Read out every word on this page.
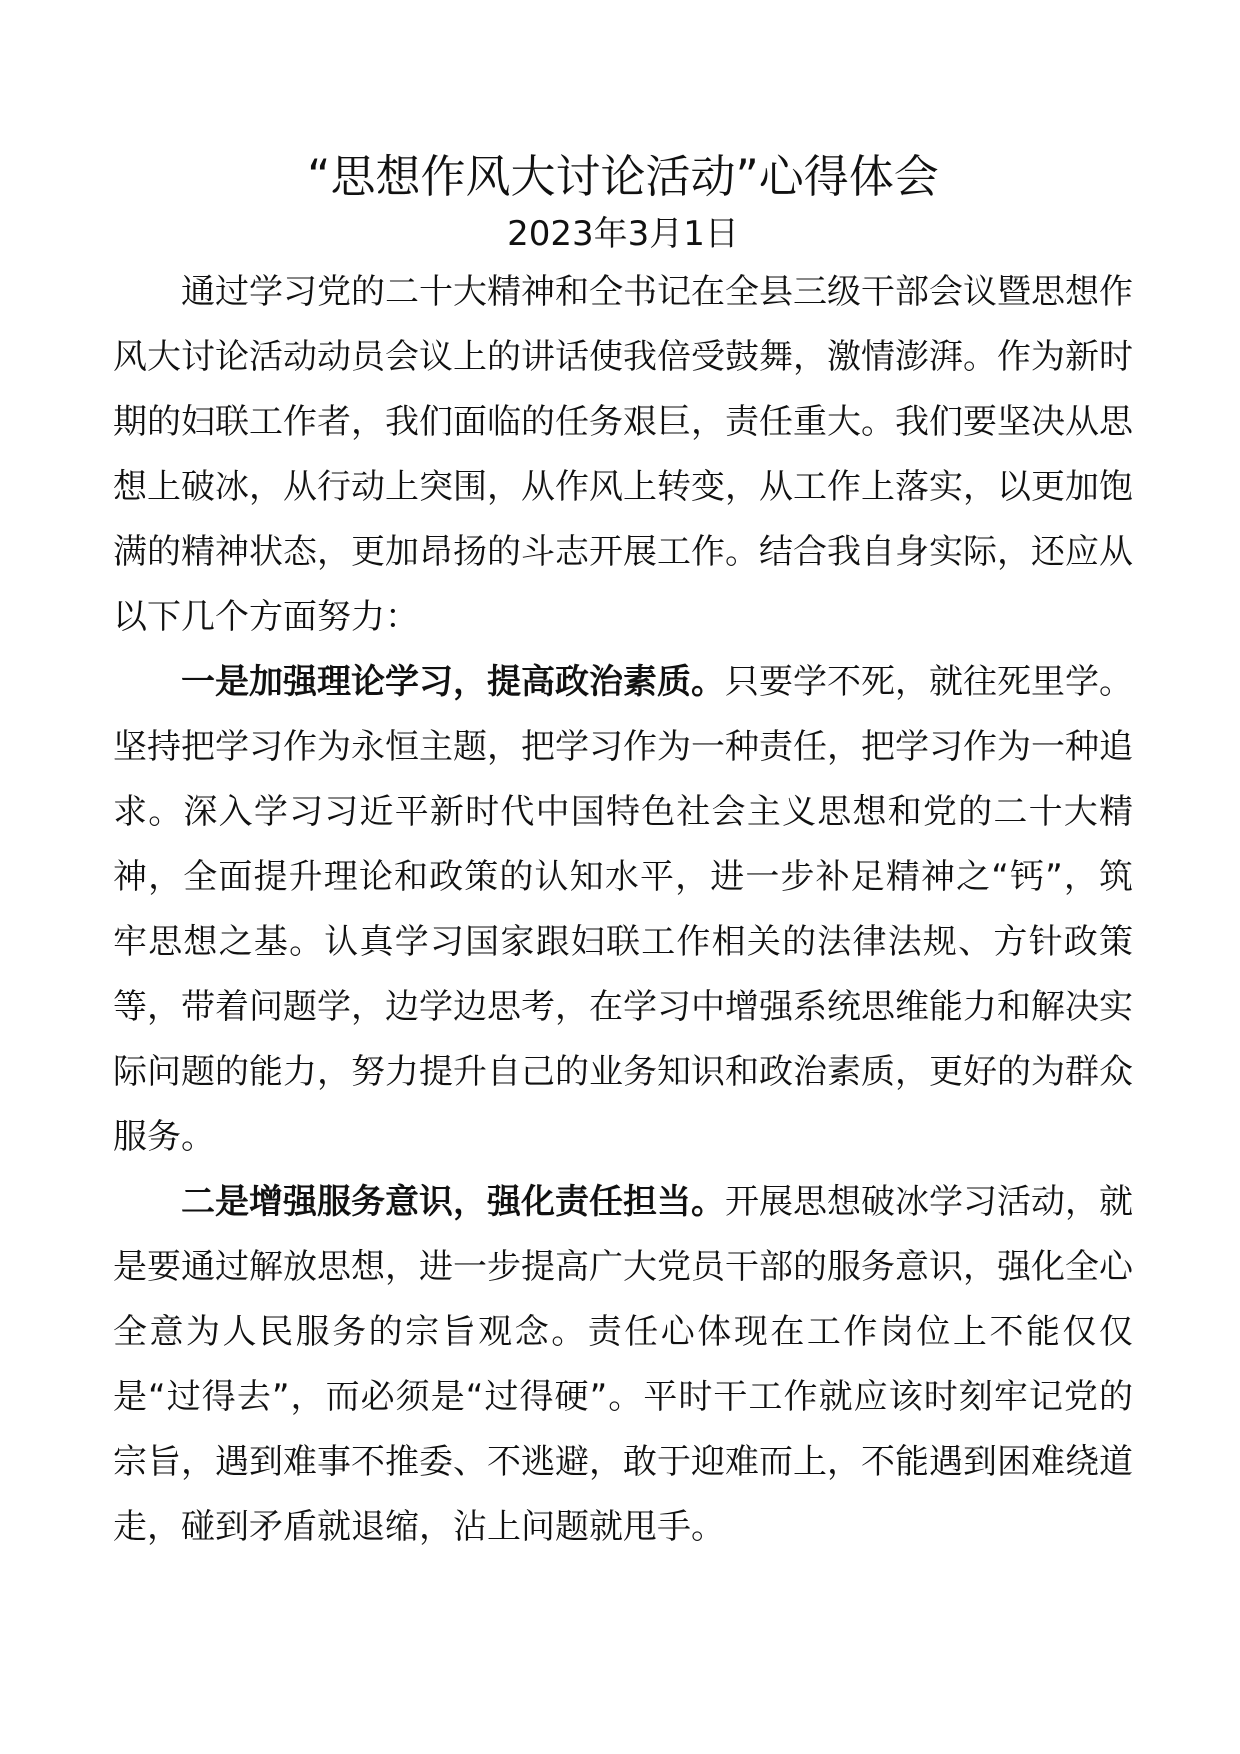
“思想作风大讨论活动”心得体会
2023年3月1日

通过学习党的二十大精神和仝书记在全县三级干部会议暨思想作风大讨论活动动员会议上的讲话使我倍受鼓舞，激情澎湃。作为新时期的妇联工作者，我们面临的任务艰巨，责任重大。我们要坚决从思想上破冰，从行动上突围，从作风上转变，从工作上落实，以更加饱满的精神状态，更加昂扬的斗志开展工作。结合我自身实际，还应从以下几个方面努力：

一是加强理论学习，提高政治素质。只要学不死，就往死里学。坚持把学习作为永恒主题，把学习作为一种责任，把学习作为一种追求。深入学习习近平新时代中国特色社会主义思想和党的二十大精神，全面提升理论和政策的认知水平，进一步补足精神之“钙”，筑牢思想之基。认真学习国家跟妇联工作相关的法律法规、方针政策等，带着问题学，边学边思考，在学习中增强系统思维能力和解决实际问题的能力，努力提升自己的业务知识和政治素质，更好的为群众服务。

二是增强服务意识，强化责任担当。开展思想破冰学习活动，就是要通过解放思想，进一步提高广大党员干部的服务意识，强化全心全意为人民服务的宗旨观念。责任心体现在工作岗位上不能仅仅是“过得去”，而必须是“过得硬”。平时干工作就应该时刻牢记党的宗旨，遇到难事不推委、不逃避，敢于迎难而上，不能遇到困难绕道走，碰到矛盾就退缩，沾上问题就甩手。
